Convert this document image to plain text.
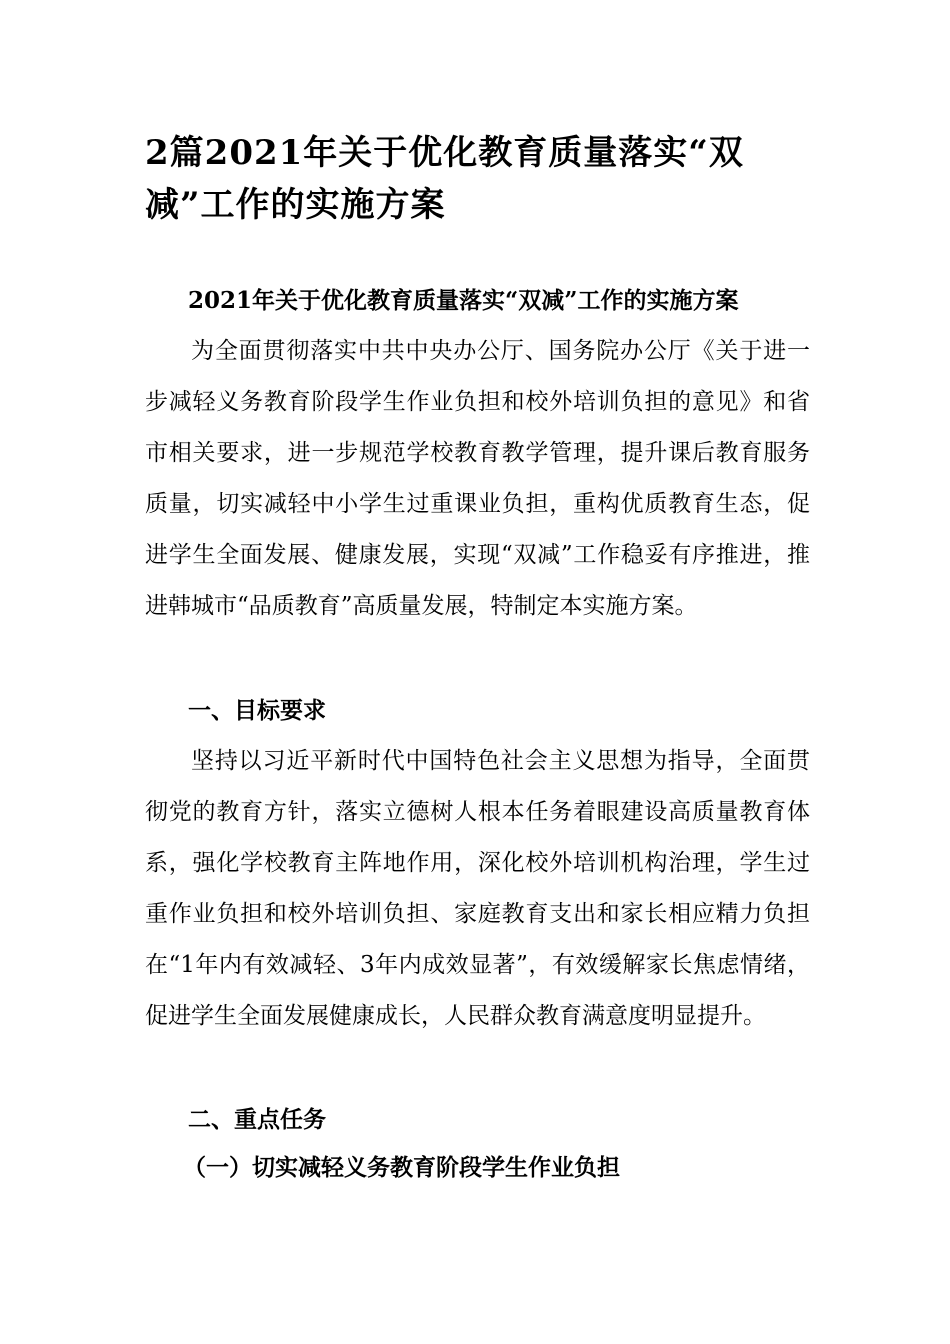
2篇2021年关于优化教育质量落实“双减”工作的实施方案
2021年关于优化教育质量落实“双减”工作的实施方案

为全面贯彻落实中共中央办公厅、国务院办公厅《关于进一步减轻义务教育阶段学生作业负担和校外培训负担的意见》和省市相关要求，进一步规范学校教育教学管理，提升课后教育服务质量，切实减轻中小学生过重课业负担，重构优质教育生态，促进学生全面发展、健康发展，实现“双减”工作稳妥有序推进，推进韩城市“品质教育”高质量发展，特制定本实施方案。

一、目标要求

坚持以习近平新时代中国特色社会主义思想为指导，全面贯彻党的教育方针，落实立德树人根本任务着眼建设高质量教育体系，强化学校教育主阵地作用，深化校外培训机构治理，学生过重作业负担和校外培训负担、家庭教育支出和家长相应精力负担在“1年内有效减轻、3年内成效显著”，有效缓解家长焦虑情绪，促进学生全面发展健康成长，人民群众教育满意度明显提升。

二、重点任务
（一）切实减轻义务教育阶段学生作业负担
